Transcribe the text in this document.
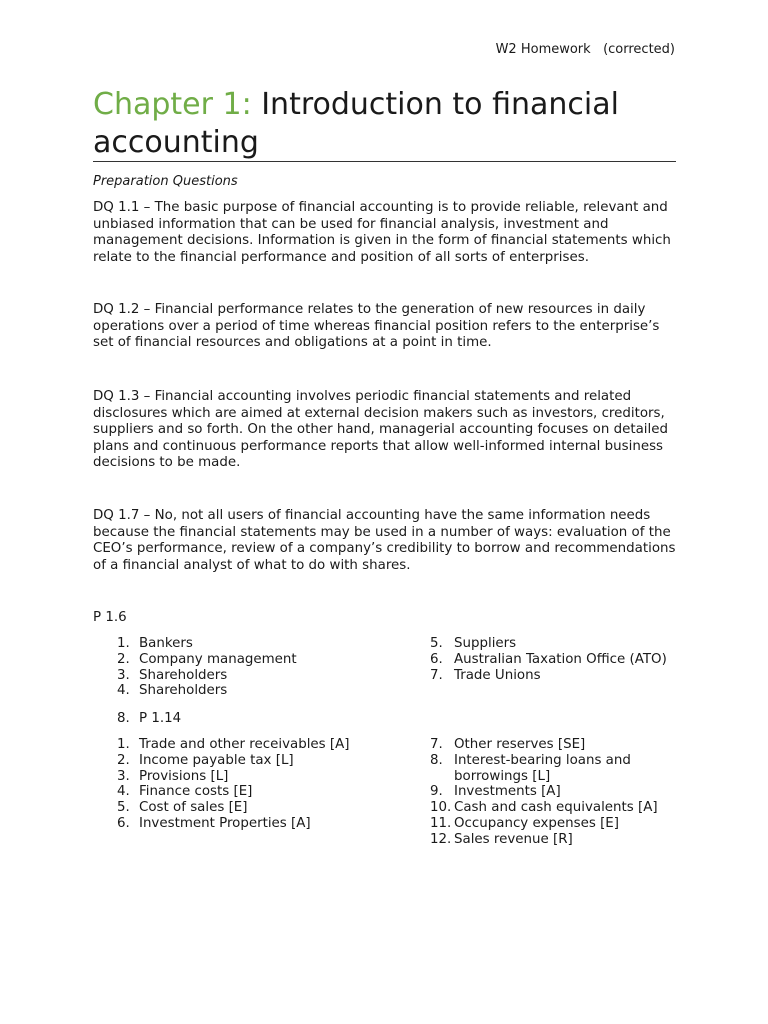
W2 Homework   (corrected)
Chapter 1: Introduction to financial accounting
Preparation Questions

DQ 1.1 – The basic purpose of financial accounting is to provide reliable, relevant and unbiased information that can be used for financial analysis, investment and management decisions. Information is given in the form of financial statements which relate to the financial performance and position of all sorts of enterprises.

DQ 1.2 – Financial performance relates to the generation of new resources in daily operations over a period of time whereas financial position refers to the enterprise’s set of financial resources and obligations at a point in time.

DQ 1.3 – Financial accounting involves periodic financial statements and related disclosures which are aimed at external decision makers such as investors, creditors, suppliers and so forth. On the other hand, managerial accounting focuses on detailed plans and continuous performance reports that allow well-informed internal business decisions to be made.

DQ 1.7 – No, not all users of financial accounting have the same information needs because the financial statements may be used in a number of ways: evaluation of the CEO’s performance, review of a company’s credibility to borrow and recommendations of a financial analyst of what to do with shares.

P 1.6
1. Bankers
2. Company management
3. Shareholders
4. Shareholders
5. Suppliers
6. Australian Taxation Office (ATO)
7. Trade Unions
8. P 1.14
1. Trade and other receivables [A]
2. Income payable tax [L]
3. Provisions [L]
4. Finance costs [E]
5. Cost of sales [E]
6. Investment Properties [A]
7. Other reserves [SE]
8. Interest-bearing loans and borrowings [L]
9. Investments [A]
10. Cash and cash equivalents [A]
11. Occupancy expenses [E]
12. Sales revenue [R]
